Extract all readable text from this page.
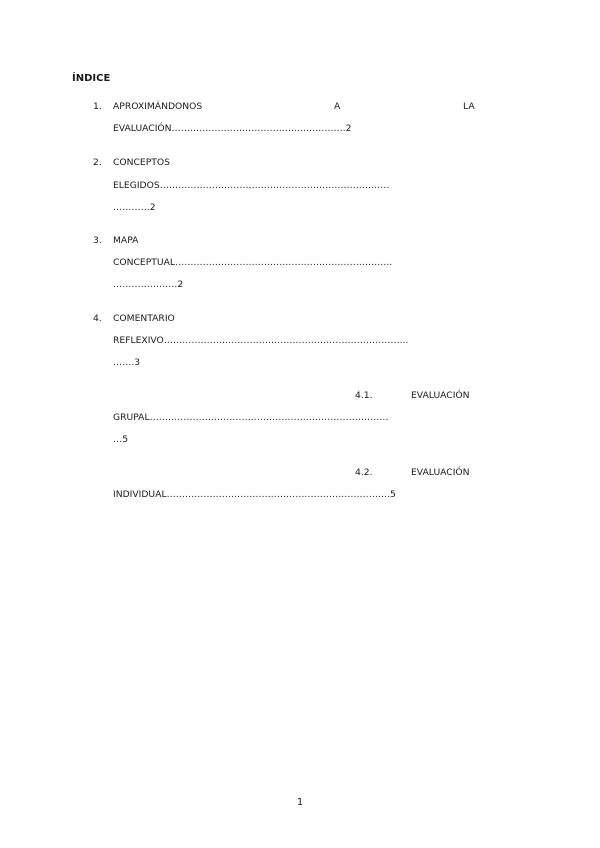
ÍNDICE
1. APROXIMÁNDONOS	A	LA
EVALUACIÓN…………………………………..…………….2
2. CONCEPTOS
ELEGIDOS…………………………………………………………………
…………2
3. MAPA
CONCEPTUAL……………………………………………………………..
…………………2
4. COMENTARIO
REFLEXIVO……………………………………………………………………..
…….3
4.1.	EVALUACIÓN
GRUPAL……………………………………………………………………
…5
4.2.	EVALUACIÓN
INDIVIDUAL……………………………………………………………….5
1
